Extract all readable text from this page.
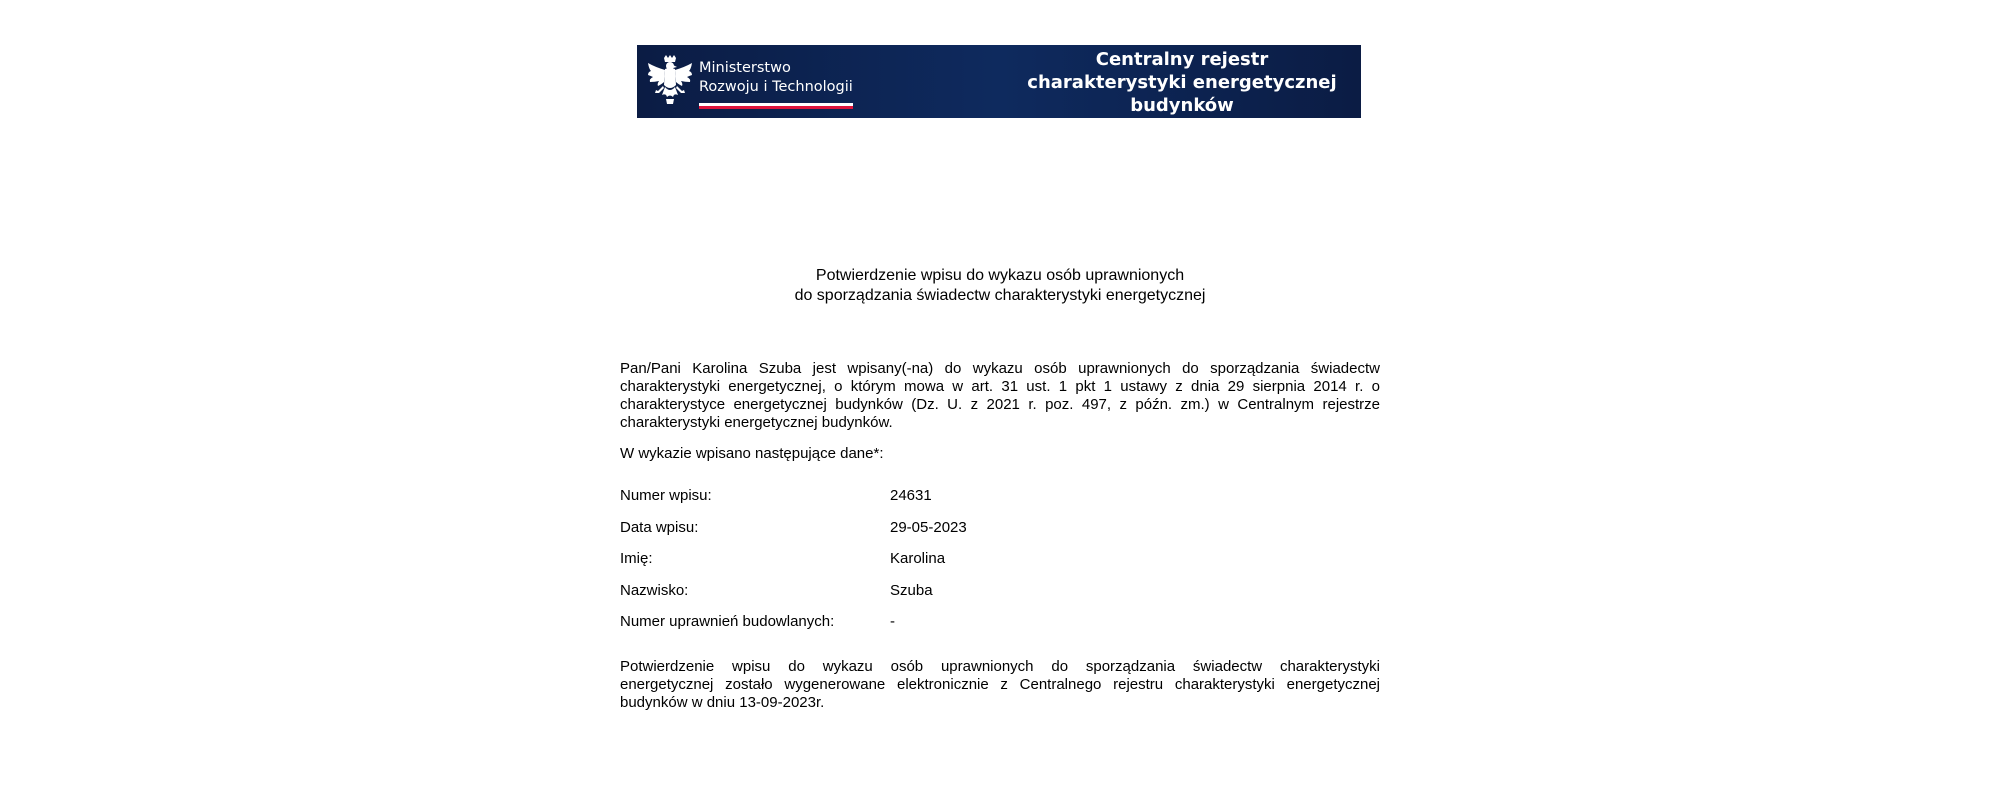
Ministerstwo
Rozwoju i Technologii
Centralny rejestr
charakterystyki energetycznej
budynków
Potwierdzenie wpisu do wykazu osób uprawnionych
do sporządzania świadectw charakterystyki energetycznej
Pan/Pani Karolina Szuba jest wpisany(-na) do wykazu osób uprawnionych do sporządzania świadectw
charakterystyki energetycznej, o którym mowa w art. 31 ust. 1 pkt 1 ustawy z dnia 29 sierpnia 2014 r. o
charakterystyce energetycznej budynków (Dz. U. z 2021 r. poz. 497, z późn. zm.) w Centralnym rejestrze
charakterystyki energetycznej budynków.
W wykazie wpisano następujące dane*:
Numer wpisu:	24631
Data wpisu:	29-05-2023
Imię:	Karolina
Nazwisko:	Szuba
Numer uprawnień budowlanych:	-
Potwierdzenie wpisu do wykazu osób uprawnionych do sporządzania świadectw charakterystyki
energetycznej zostało wygenerowane elektronicznie z Centralnego rejestru charakterystyki energetycznej
budynków w dniu 13-09-2023r.
